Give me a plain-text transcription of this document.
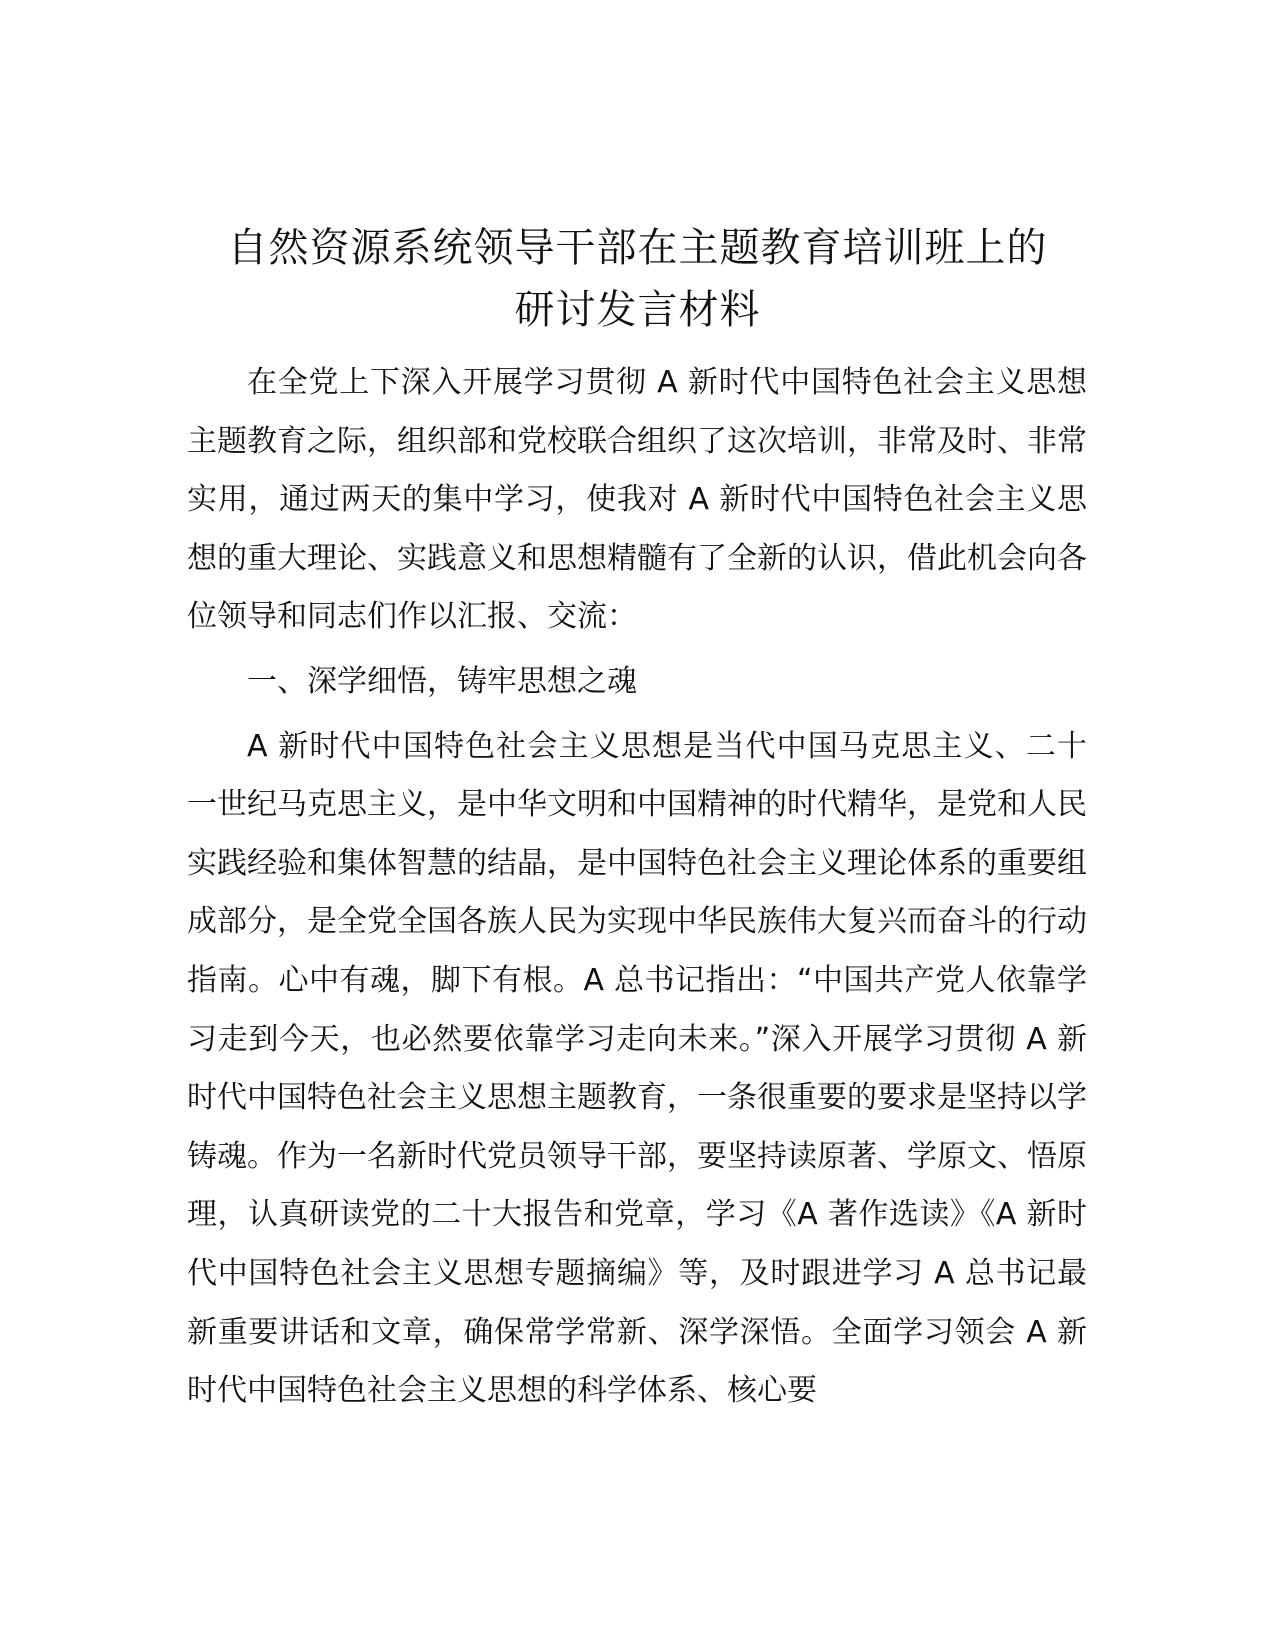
自然资源系统领导干部在主题教育培训班上的
研讨发言材料

在全党上下深入开展学习贯彻 A 新时代中国特色社会主义思想主题教育之际，组织部和党校联合组织了这次培训，非常及时、非常实用，通过两天的集中学习，使我对 A 新时代中国特色社会主义思想的重大理论、实践意义和思想精髓有了全新的认识，借此机会向各位领导和同志们作以汇报、交流：

一、深学细悟，铸牢思想之魂

A 新时代中国特色社会主义思想是当代中国马克思主义、二十一世纪马克思主义，是中华文明和中国精神的时代精华，是党和人民实践经验和集体智慧的结晶，是中国特色社会主义理论体系的重要组成部分，是全党全国各族人民为实现中华民族伟大复兴而奋斗的行动指南。心中有魂，脚下有根。A 总书记指出：“中国共产党人依靠学习走到今天，也必然要依靠学习走向未来。”深入开展学习贯彻 A 新时代中国特色社会主义思想主题教育，一条很重要的要求是坚持以学铸魂。作为一名新时代党员领导干部，要坚持读原著、学原文、悟原理，认真研读党的二十大报告和党章，学习《A 著作选读》《A 新时代中国特色社会主义思想专题摘编》等，及时跟进学习 A 总书记最新重要讲话和文章，确保常学常新、深学深悟。全面学习领会 A 新时代中国特色社会主义思想的科学体系、核心要
